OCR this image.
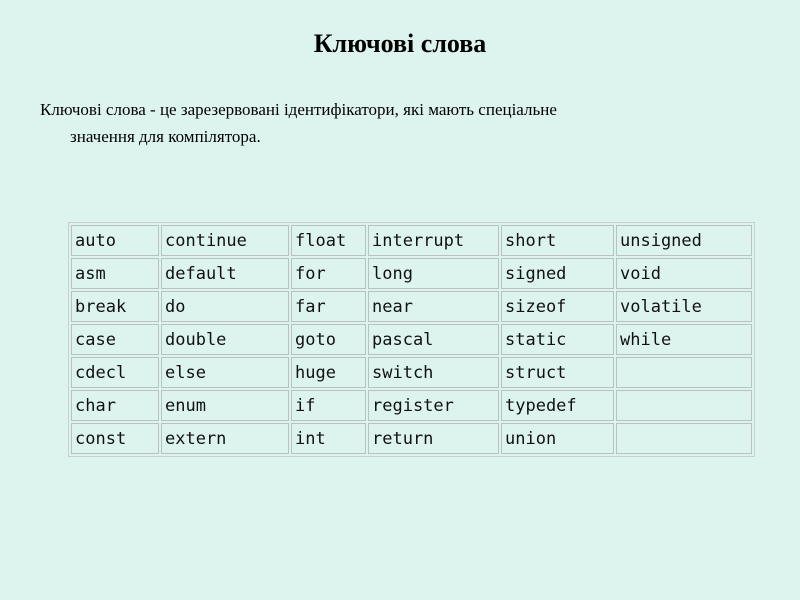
Ключові слова
Ключові слова - це зарезервовані ідентифікатори, які мають спеціальне
значення для компілятора.
auto	continue	float	interrupt	short	unsigned
asm	default	for	long	signed	void
break	do	far	near	sizeof	volatile
case	double	goto	pascal	static	while
cdecl	else	huge	switch	struct	
char	enum	if	register	typedef	
const	extern	int	return	union	
